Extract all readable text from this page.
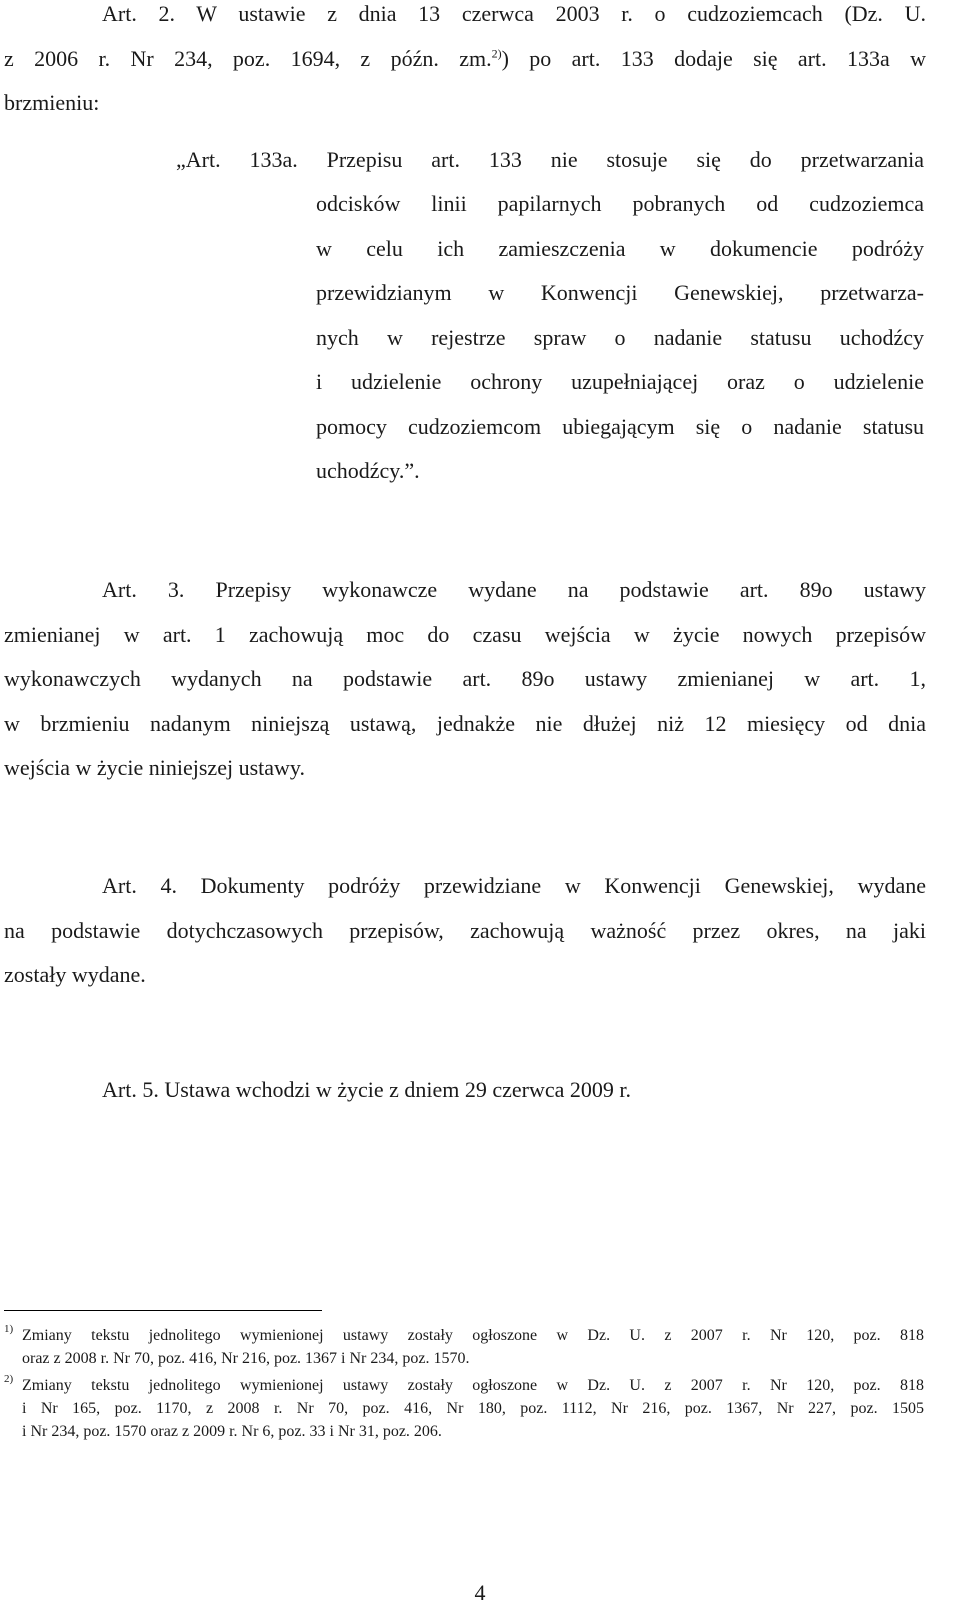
Art. 2. W ustawie z dnia 13 czerwca 2003 r. o cudzoziemcach (Dz. U.
z 2006 r. Nr 234, poz. 1694, z późn. zm.$^{2)}$) po art. 133 dodaje się art. 133a w
brzmieniu:
„Art. 133a. Przepisu art. 133 nie stosuje się do przetwarzania
odcisków linii papilarnych pobranych od cudzoziemca
w celu ich zamieszczenia w dokumencie podróży
przewidzianym w Konwencji Genewskiej, przetwarza-
nych w rejestrze spraw o nadanie statusu uchodźcy
i udzielenie ochrony uzupełniającej oraz o udzielenie
pomocy cudzoziemcom ubiegającym się o nadanie statusu
uchodźcy.”.
Art. 3. Przepisy wykonawcze wydane na podstawie art. 89o ustawy
zmienianej w art. 1 zachowują moc do czasu wejścia w życie nowych przepisów
wykonawczych wydanych na podstawie art. 89o ustawy zmienianej w art. 1,
w brzmieniu nadanym niniejszą ustawą, jednakże nie dłużej niż 12 miesięcy od dnia
wejścia w życie niniejszej ustawy.
Art. 4. Dokumenty podróży przewidziane w Konwencji Genewskiej, wydane
na podstawie dotychczasowych przepisów, zachowują ważność przez okres, na jaki
zostały wydane.
Art. 5. Ustawa wchodzi w życie z dniem 29 czerwca 2009 r.
1) Zmiany tekstu jednolitego wymienionej ustawy zostały ogłoszone w Dz. U. z 2007 r. Nr 120, poz. 818
oraz z 2008 r. Nr 70, poz. 416, Nr 216, poz. 1367 i Nr 234, poz. 1570.
2) Zmiany tekstu jednolitego wymienionej ustawy zostały ogłoszone w Dz. U. z 2007 r. Nr 120, poz. 818
i Nr 165, poz. 1170, z 2008 r. Nr 70, poz. 416, Nr 180, poz. 1112, Nr 216, poz. 1367, Nr 227, poz. 1505
i Nr 234, poz. 1570 oraz z 2009 r. Nr 6, poz. 33 i Nr 31, poz. 206.
4
